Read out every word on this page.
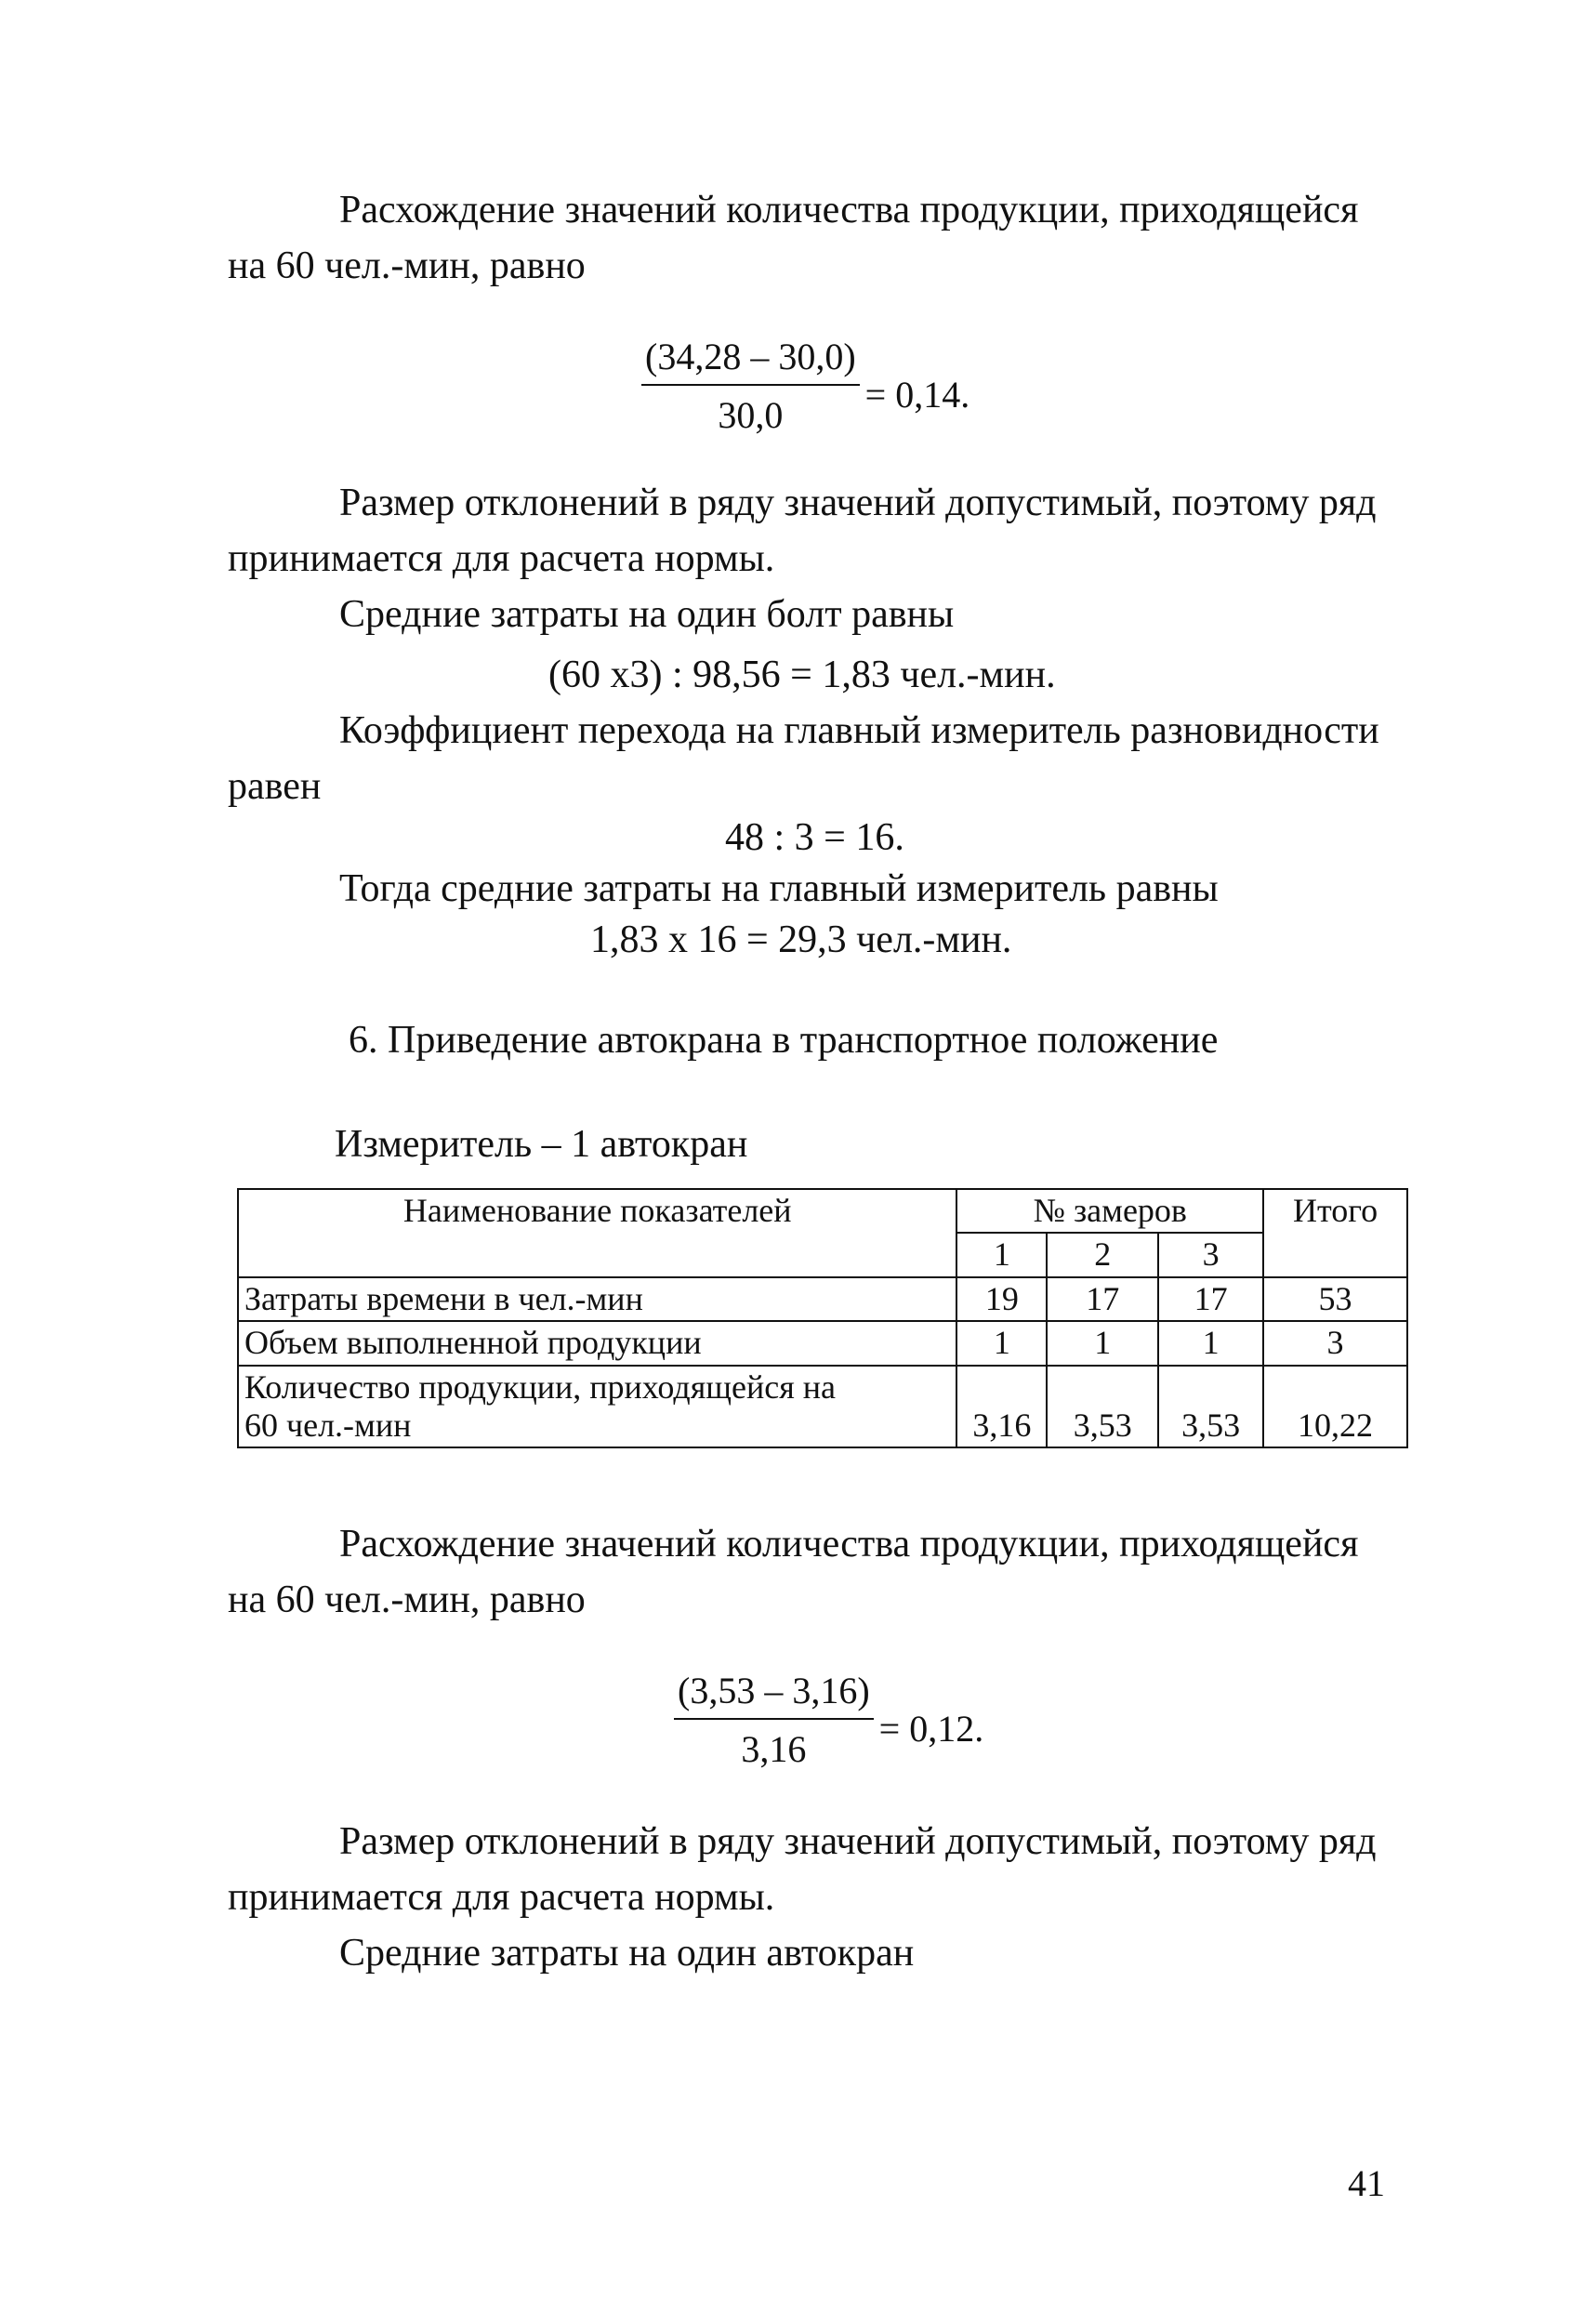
Расхождение значений количества продукции, приходящейся
на 60 чел.-мин, равно
$\frac{(34,28 - 30,0)}{30,0} = 0,14$.
Размер отклонений в ряду значений допустимый, поэтому ряд
принимается для расчета нормы.
Средние затраты на один болт равны
(60 x3) : 98,56 = 1,83 чел.-мин.
Коэффициент перехода на главный измеритель разновидности
равен
48 : 3 = 16.
Тогда средние затраты на главный измеритель равны
1,83 x 16 = 29,3 чел.-мин.
6. Приведение автокрана в транспортное положение
Измеритель – 1 автокран
Наименование показателей	№ замеров			Итого
	1	2	3	
Затраты времени в чел.-мин	19	17	17	53
Объем выполненной продукции	1	1	1	3

Количество продукции, приходящейся на
60 чел.-мин	3,16	3,53	3,53	10,22
Расхождение значений количества продукции, приходящейся
на 60 чел.-мин, равно
$\frac{(3,53 - 3,16)}{3,16} = 0,12$.
Размер отклонений в ряду значений допустимый, поэтому ряд
принимается для расчета нормы.
Средние затраты на один автокран
41
